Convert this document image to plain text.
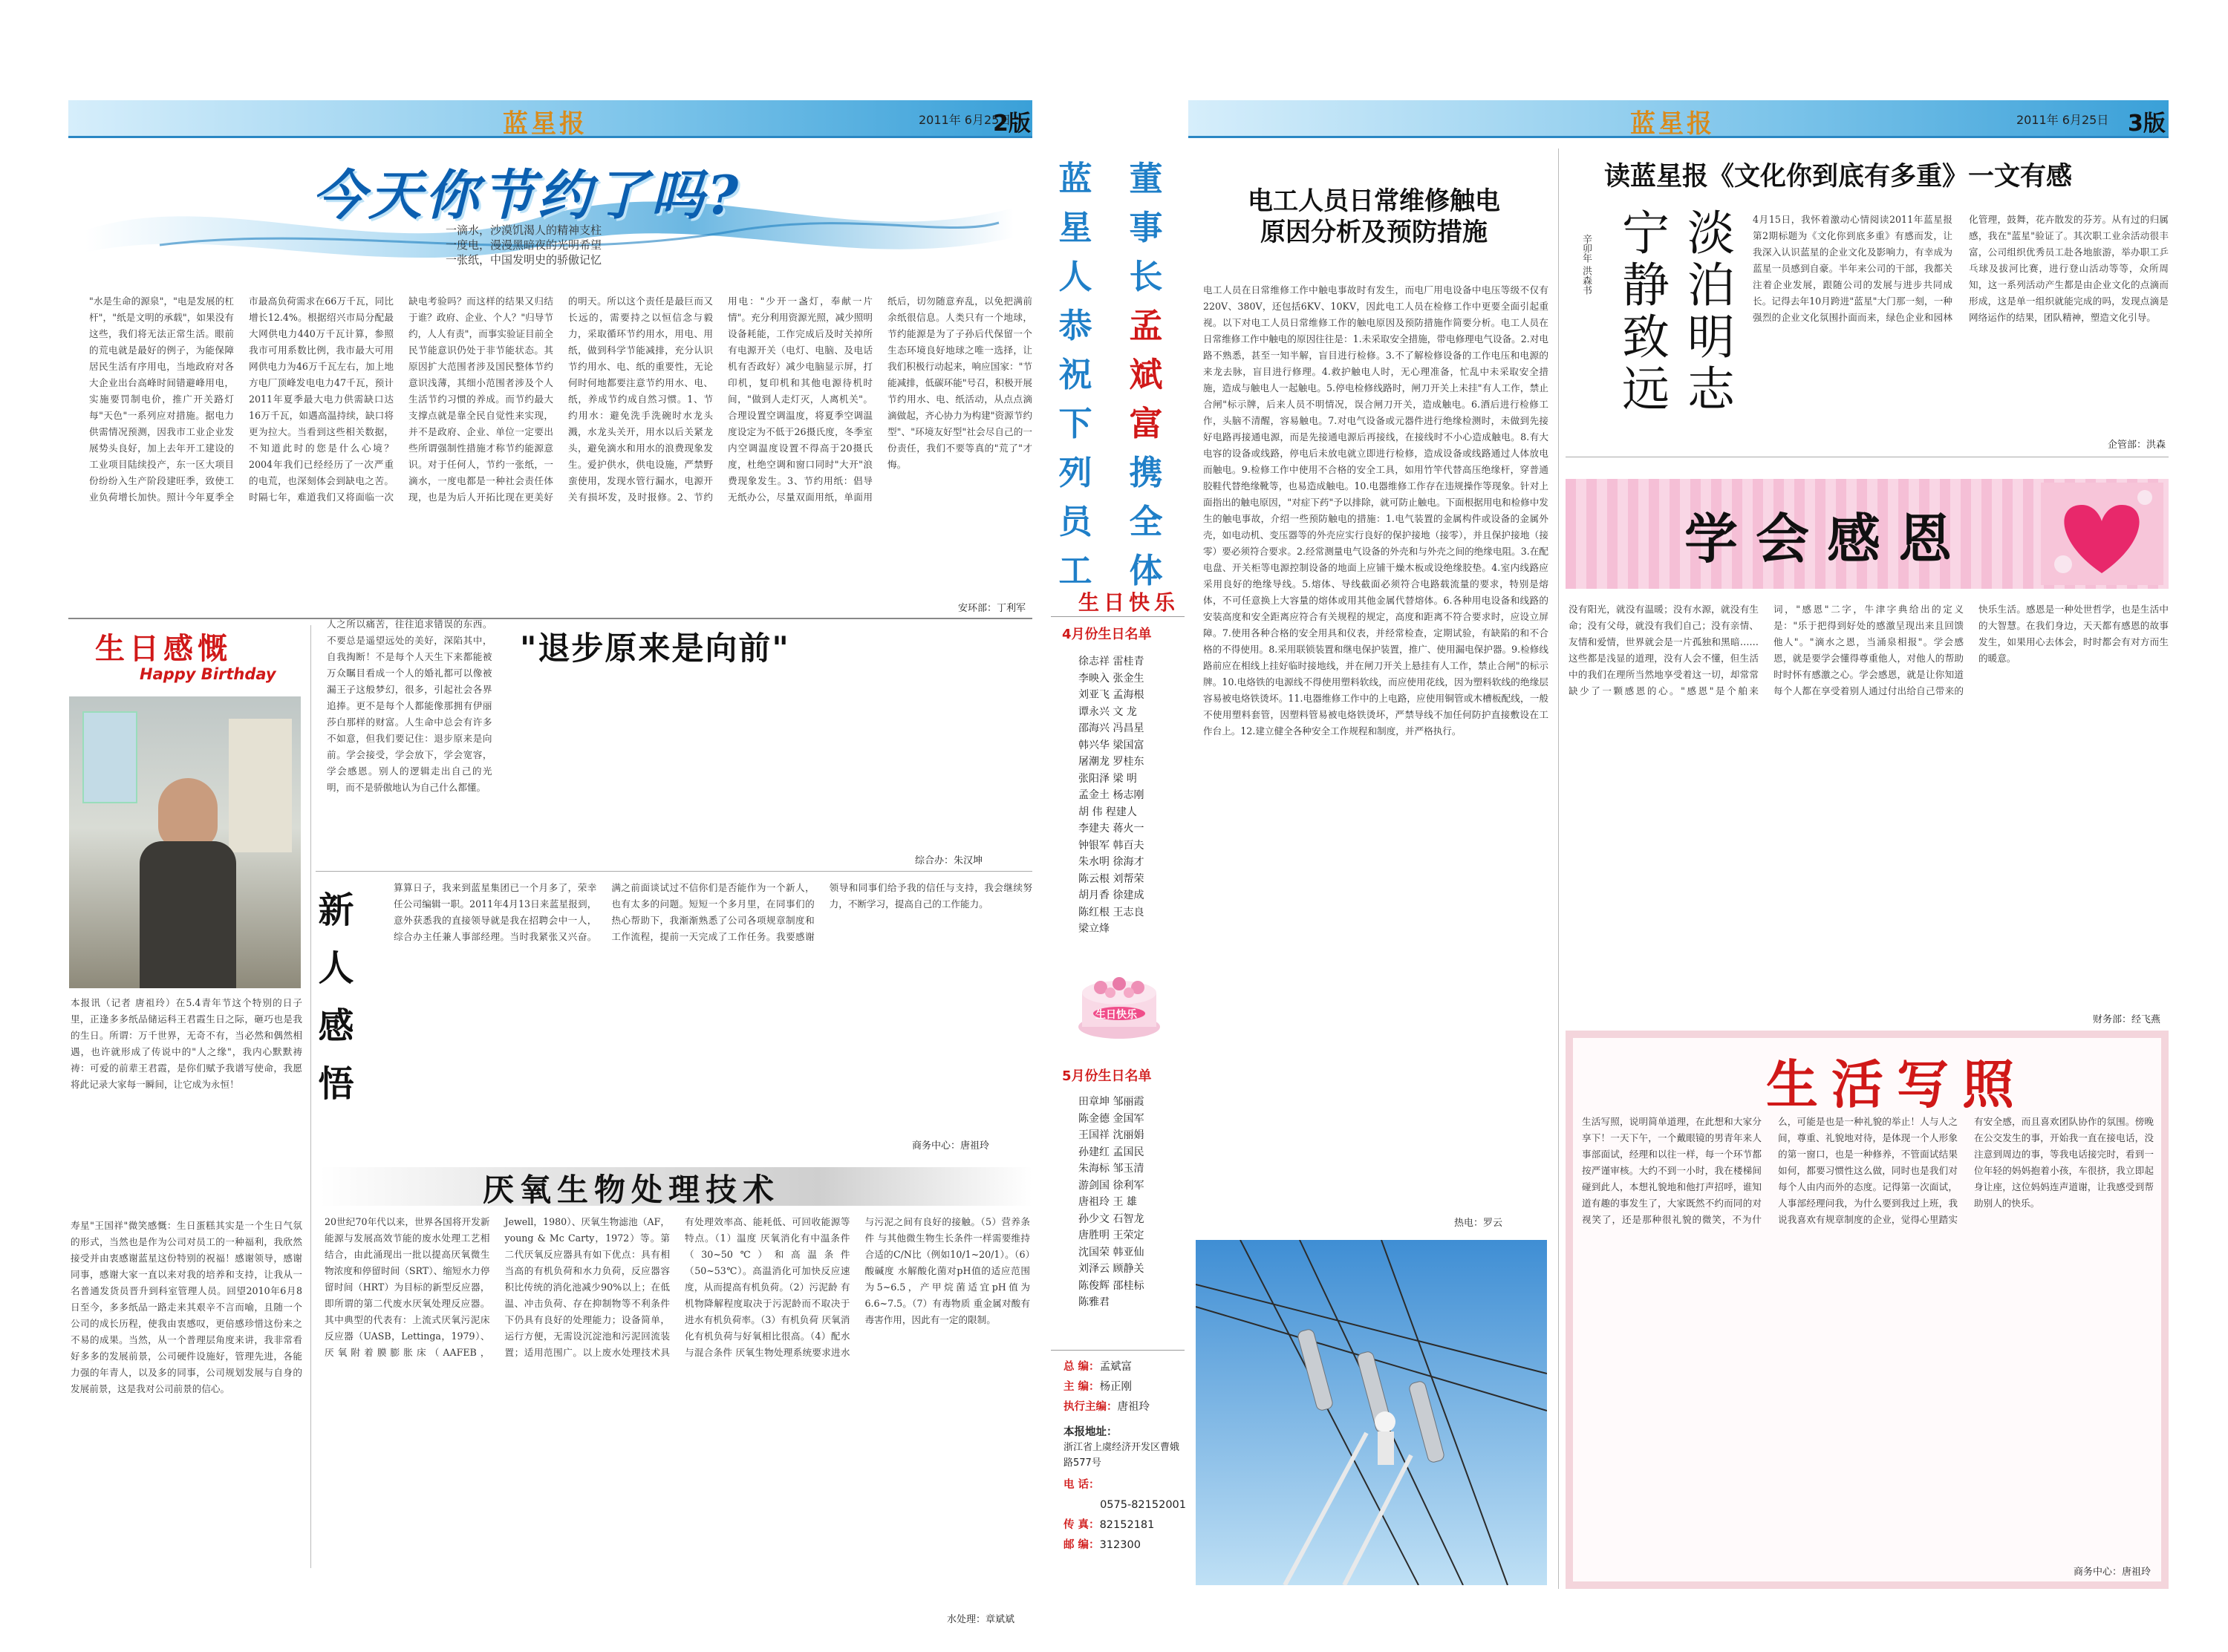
蓝星报	2011年 6月25日
2版
今天你节约了吗?
一滴水，沙漠饥渴人的精神支柱
一度电，漫漫黑暗夜的光明希望
一张纸，中国发明史的骄傲记忆
"水是生命的源泉"，"电是发展的杠杆"，"纸是文明的承载"，如果没有这些，我们将无法正常生活。眼前的荒电就是最好的例子，为能保障居民生活有序用电，当地政府对各大企业出台高峰时间错避峰用电，实施要罚制电价，推广开关路灯每"天色"一系列应对措施。据电力供需情况预测，因我市工业企业发展势头良好，加上去年开工建设的工业项目陆续投产，东一区大项目份纷纷入生产阶段建旺季，致使工业负荷增长加快。照计今年夏季全市最高负荷需求在66万千瓦，同比增长12.4%。根据绍兴市局分配最大网供电力440万千瓦计算，参照我市可用系数比例，我市最大可用网供电力为46万千瓦左右，加上地方电厂顶峰发电电力47千瓦，预计2011年夏季最大电力供需缺口达16万千瓦，如遇高温持续，缺口将更为拉大。当看到这些相关数据，不知道此时的您是什么心境？2004年我们已经经历了一次严重的电荒，也深刻体会到缺电之苦。时隔七年，难道我们又将面临一次缺电考验吗？而这样的结果又归结于谁？政府、企业、个人？"归导节约，人人有责"，而事实验证目前全民节能意识仍处于非节能状态。其原因扩大范围者涉及国民整体节约意识浅薄，其细小范围者涉及个人生活节约习惯的养成。而节约最大支撑点就是靠全民自觉性来实现，并不是政府、企业、单位一定要出些所谓强制性措施才称节约能源意识。对于任何人，节约一张纸，一滴水，一度电都是一种社会责任体现，也是为后人开拓比现在更美好的明天。所以这个责任是最巨而又长远的，需要持之以恒信念与毅力，采取循环节约用水，用电、用纸，做到科学节能减排，充分认识节约用水、电、纸的重要性，无论何时何地都要注意节约用水、电、纸，养成节约成自然习惯。1、节约用水：避免洗手洗碗时水龙头溅，水龙头关开，用水以后关紧龙头，避免滴水和用水的浪费现象发生。爱护供水，供电设施，严禁野蛮使用，发现水管行漏水，电源开关有损坏发，及时报修。2、节约用电："少开一盏灯，奉献一片情"。充分利用资源光照，减少照明设备耗能，工作完成后及时关掉所有电源开关（电灯、电脑、及电话机有否政好）减少电脑显示屏，打印机，复印机和其他电源待机时间，"做到人走灯灭，人离机关"。合理设置空调温度，将夏季空调温度设定为不低于26摄氏度，冬季室内空调温度设置不得高于20摄氏度，杜绝空调和窗口同时"大开"浪费现象发生。3、节约用纸：倡导无纸办公，尽量双面用纸，单面用纸后，切勿随意弃乱，以免把满前余纸很信息。人类只有一个地球，节约能源是为了子孙后代保留一个生态环境良好地球之唯一选择，让我们积极行动起来，响应国家："节能减排，低碳环能"号召，积极开展节约用水、电、纸活动，从点点滴滴做起，齐心协力为构建"资源节约型"、"环境友好型"社会尽自己的一份责任，我们不要等真的"荒了"才悔。
安环部：丁利军
生日感慨
Happy Birthday
本报讯（记者 唐祖玲）在5.4青年节这个特别的日子里，正逢多多纸品储运科王君霞生日之际，砸巧也是我的生日。所谓：万千世界，无奇不有，当必然和偶然相遇，也许就形成了传说中的"人之缘"，我内心默默祷祷：可爱的前辈王君霞，是你们赋予我谱写使命，我愿将此记录大家每一瞬间，让它成为永恒！
寿星"王国祥"微笑感慨：生日蛋糕其实是一个生日气氛的形式，当然也是作为公司对员工的一种福利，我欣然接受并由衷感谢蓝星这份特别的祝福！感谢领导，感谢同事，感谢大家一直以来对我的培养和支持，让我从一名普通发货员晋升到科室管理人员。回望2010年6月8日至今，多多纸品一路走来其艰辛不言而喻，且随一个公司的成长历程，使我由衷感叹，更倍感珍惜这份来之不易的成果。当然，从一个普理层角度来讲，我非常看好多多的发展前景，公司硬件设施好，管理先进，各能力强的年青人，以及多的同事，公司规划发展与自身的发展前景，这是我对公司前景的信心。
"退步原来是向前"
人之所以痛苦，往往追求错误的东西。不要总是遥望远处的美好，深陷其中，自我掏断！不是每个人天生下来都能被万众瞩目看成一个人的婚礼都可以像被漏王子这般梦幻，很多，引起社会各界追捧。更不是每个人都能像那拥有伊丽莎白那样的财富。人生命中总会有许多不如意，但我们要记住：退步原来是向前。学会接受，学会放下，学会宽容，学会感恩。别人的逻辑走出自己的光明，而不是骄傲地认为自己什么都懂。
综合办：朱汉坤
新人感悟
算算日子，我来到蓝星集团已一个月多了，荣幸任公司编辑一职。2011年4月13日来蓝星报到，意外获悉我的直接领导就是我在招聘会中一人，综合办主任兼人事部经理。当时我紧张又兴奋。满之前面谈试过不信你们是否能作为一个新人，也有太多的问题。短短一个多月里，在同事们的热心帮助下，我渐渐熟悉了公司各项规章制度和工作流程，提前一天完成了工作任务。我要感谢领导和同事们给予我的信任与支持，我会继续努力，不断学习，提高自己的工作能力。
商务中心：唐祖玲
厌氧生物处理技术
20世纪70年代以来，世界各国将开发新能源与发展高效节能的废水处理工艺相结合，由此涌现出一批以提高厌氧微生物浓度和停留时间（SRT）、缩短水力停留时间（HRT）为目标的新型反应器，即所谓的第二代废水厌氧处理反应器。其中典型的代表有：上流式厌氧污泥床反应器（UASB，Lettinga，1979）、厌氧附着膜膨胀床（AAFEB，Jewell，1980）、厌氧生物滤池（AF，young & Mc Carty，1972）等。第二代厌氧反应器具有如下优点：具有相当高的有机负荷和水力负荷，反应器容积比传统的消化池减少90%以上；在低温、冲击负荷、存在抑制物等不利条件下仍具有良好的处理能力；设备简单，运行方便，无需设沉淀池和污泥回流装置；适用范围广。以上废水处理技术具有处理效率高、能耗低、可回收能源等特点。（1）温度 厌氧消化有中温条件（30~50℃）和高温条件（50~53℃）。高温消化可加快反应速度，从而提高有机负荷。（2）污泥龄 有机物降解程度取决于污泥龄而不取决于进水有机负荷率。（3）有机负荷 厌氧消化有机负荷与好氧相比很高。（4）配水与混合条件 厌氧生物处理系统要求进水与污泥之间有良好的接触。（5）营养条件 与其他微生物生长条件一样需要维持合适的C/N比（例如10/1~20/1）。（6）酸碱度 水解酸化菌对pH值的适应范围为5~6.5，产甲烷菌适宜pH值为6.6~7.5。（7）有毒物质 重金属对酸有毒害作用，因此有一定的限制。
水处理：章斌斌
蓝
星
人
恭
祝
下
列
员
工
董
事
长
孟
斌
富
携
全
体
生日快乐
4月份生日名单
徐志祥 雷桂青
李映入 张金生
刘亚飞 孟海根
谭永兴 文 龙
邵海兴 冯昌星
韩兴华 梁国富
屠潮龙 罗桂东
张阳泽 梁 明
孟金土 杨志刚
胡 伟 程建人
李建夫 蒋火一
钟银军 韩百夫
朱水明 徐海才
陈云根 刘帮荣
胡月香 徐建成
陈红根 王志良
梁立烽
生日快乐
5月份生日名单
田章坤 邹丽霞
陈金德 金国军
王国祥 沈丽娟
孙建红 孟国民
朱海标 邹玉清
游剑国 徐利军
唐祖玲 王 雄
孙少文 石智龙
唐胜明 王荣定
沈国荣 韩亚仙
刘泽云 顾静关
陈俊辉 邵桂标
陈雅君
总 编：孟斌富
主 编：杨正刚
执行主编：唐祖玲
本报地址：
浙江省上虞经济开发区曹娥路577号
电 话：
0575-82152001
传 真：82152181
邮 编：312300
蓝星报	2011年 6月25日 3版
电工人员日常维修触电
原因分析及预防措施
电工人员在日常维修工作中触电事故时有发生，而电厂用电设备中电压等级不仅有220V、380V，还包括6KV、10KV，因此电工人员在检修工作中更要全面引起重视。以下对电工人员日常维修工作的触电原因及预防措施作简要分析。电工人员在日常维修工作中触电的原因往往是：1.未采取安全措施，带电修理电气设备。2.对电路不熟悉，甚至一知半解，盲目进行检修。3.不了解检修设备的工作电压和电源的来龙去脉，盲目进行修理。4.救护触电人时，无心理准备，忙乱中未采取安全措施，造成与触电人一起触电。5.停电检修线路时，闸刀开关上未挂"有人工作，禁止合闸"标示牌，后来人员不明情况，误合闸刀开关，造成触电。6.酒后进行检修工作，头脑不清醒，容易触电。7.对电气设备或元器件进行绝缘检测时，未做到先接好电路再接通电源，而是先接通电源后再接线，在接线时不小心造成触电。8.有大电容的设备或线路，停电后未放电就立即进行检修，造成设备或线路通过人体放电而触电。9.检修工作中使用不合格的安全工具，如用竹竿代替高压绝缘杆，穿普通胶鞋代替绝缘靴等，也易造成触电。10.电器维修工作存在违规操作等现象。针对上面指出的触电原因，"对症下药"予以排除，就可防止触电。下面根据用电和检修中发生的触电事故，介绍一些预防触电的措施：1.电气装置的金属构件或设备的金属外壳，如电动机、变压器等的外壳应实行良好的保护接地（接零），并且保护接地（接零）要必须符合要求。2.经常测量电气设备的外壳和与外壳之间的绝缘电阻。3.在配电盘、开关柜等电源控制设备的地面上应铺干燥木板或设绝缘胶垫。4.室内线路应采用良好的绝缘导线。5.熔体、导线截面必须符合电路载流量的要求，特别是熔体，不可任意换上大容量的熔体或用其他金属代替熔体。6.各种用电设备和线路的安装高度和安全距离应符合有关规程的规定，高度和距离不符合要求时，应设立屏障。7.使用各种合格的安全用具和仪表，并经常检查，定期试验，有缺陷的和不合格的不得使用。8.采用联锁装置和继电保护装置，推广、使用漏电保护器。9.检修线路前应在相线上挂好临时接地线，并在闸刀开关上悬挂有人工作，禁止合闸"的标示牌。10.电烙铁的电源线不得使用塑料软线，而应使用花线，因为塑料软线的绝缘层容易被电烙铁烫坏。11.电器维修工作中的上电路，应使用铜管或木槽板配线，一般不使用塑料套管，因塑料管易被电烙铁烫坏，严禁导线不加任何防护直接敷设在工作台上。12.建立健全各种安全工作规程和制度，并严格执行。
热电：罗云
读蓝星报《文化你到底有多重》一文有感
淡泊明志
宁静致远
辛卯年 洪森书
4月15日，我怀着激动心情阅读2011年蓝星报第2期标题为《文化你到底多重》有感而发，让我深入认识蓝星的企业文化及影响力，有幸成为蓝星一员感到自豪。半年来公司的干部，我都关注着企业发展，跟随公司的发展与进步共同成长。记得去年10月跨进"蓝星"大门那一刻，一种强烈的企业文化氛围扑面而来，绿色企业和园林化管理，鼓舞，花卉散发的芬芳。从有过的归属感，我在"蓝星"验证了。其次职工业余活动很丰富，公司组织优秀员工赴各地旅游，举办职工乒乓球及拔河比赛，进行登山活动等等，众所周知，这一系列活动产生都是由企业文化的点滴而形成，这是单一组织就能完成的吗，发现点滴是网络运作的结果，团队精神，塑造文化引导。
企管部：洪森
学会感恩
没有阳光，就没有温暖；没有水源，就没有生命；没有父母，就没有我们自己；没有亲情、友情和爱情，世界就会是一片孤独和黑暗……这些都是浅显的道理，没有人会不懂，但生活中的我们在理所当然地享受着这一切，却常常缺少了一颗感恩的心。"感恩"是个舶来词，"感恩"二字，牛津字典给出的定义是："乐于把得到好处的感激呈现出来且回馈他人"。"滴水之恩，当涌泉相报"。学会感恩，就是要学会懂得尊重他人，对他人的帮助时时怀有感激之心。学会感恩，就是让你知道每个人都在享受着别人通过付出给自己带来的快乐生活。感恩是一种处世哲学，也是生活中的大智慧。在我们身边，天天都有感恩的故事发生，如果用心去体会，时时都会有对方而生的暖意。
财务部：经飞燕
生活写照
生活写照，说明简单道理，在此想和大家分享下！一天下午，一个戴眼镜的男青年来人事部面试，经理和以往一样，每一个环节都按严谨审核。大约不到一小时，我在楼梯间碰到此人，本想礼貌地和他打声招呼，谁知道有趣的事发生了，大家既然不约而同的对视笑了，还是那种很礼貌的微笑，不为什么，可能是也是一种礼貌的举止！人与人之间，尊重、礼貌地对待，是体现一个人形象的第一窗口，也是一种修养，不管面试结果如何，都要习惯性这么做，同时也是我们对每个人由内而外的态度。记得第一次面试，人事部经理问我，为什么要到我过上班，我说我喜欢有规章制度的企业，觉得心里踏实有安全感，而且喜欢团队协作的氛围。傍晚在公交发生的事，开始我一直在接电话，没注意到周边的事，等我电话接完时，看到一位年轻的妈妈抱着小孩，车很挤，我立即起身让座，这位妈妈连声道谢，让我感受到帮助别人的快乐。
商务中心：唐祖玲
